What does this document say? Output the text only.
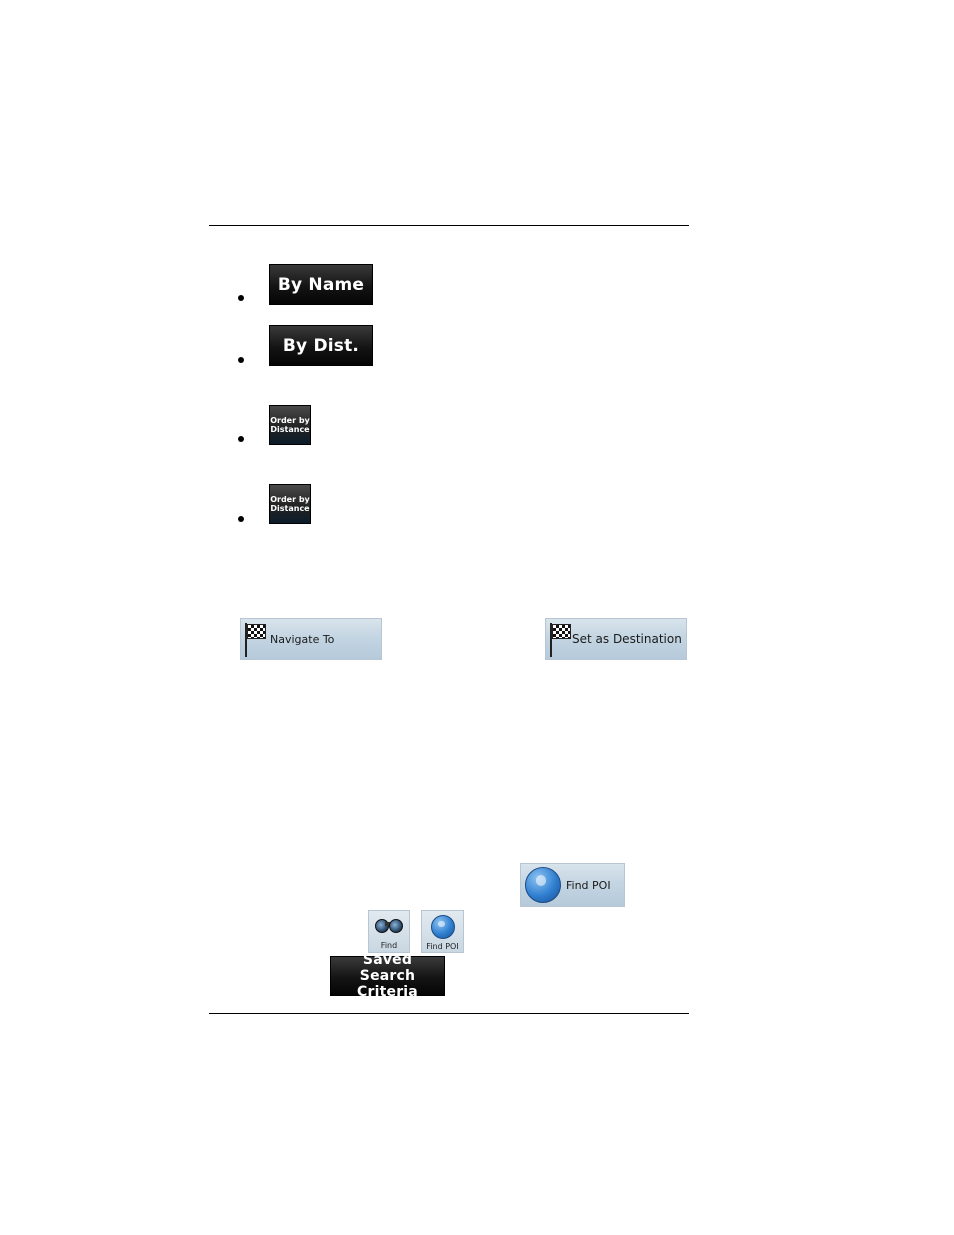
By Name
By Dist.
Order by
Distance
Order by
Distance
Navigate To	Set as Destination
Find POI
Find	Find POI
Saved
Search Criteria
